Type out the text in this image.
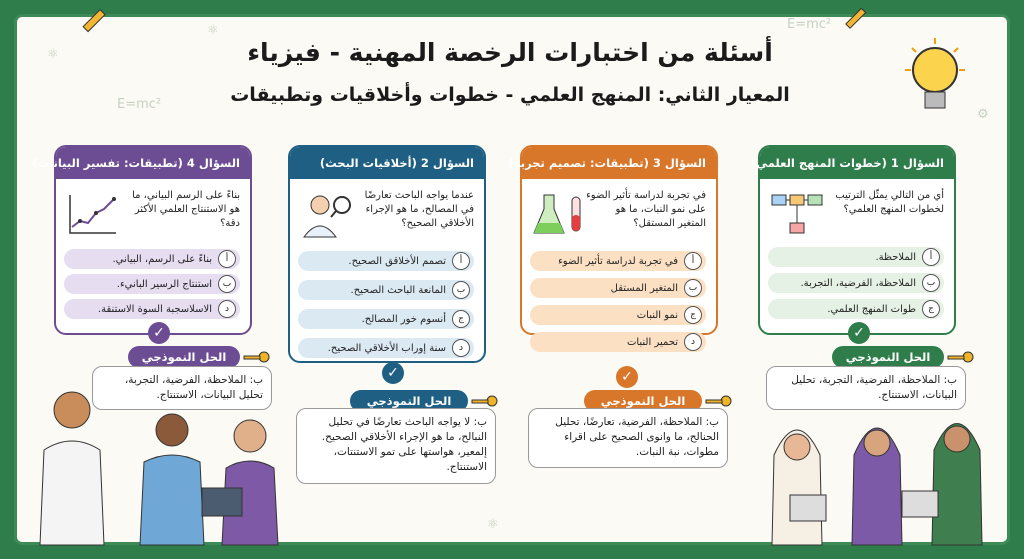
⚛
E=mc²
E=mc²
⚙
⚛
⚛
أسئلة من اختبارات الرخصة المهنية - فيزياء
المعيار الثاني: المنهج العلمي - خطوات وأخلاقيات وتطبيقات
السؤال 1 (خطوات المنهج العلمي)
أي من التالي يمثّل الترتيب لخطوات المنهج العلمي؟
أ
الملاحظة.
ب
الملاحظة، الفرضية، التجربة.
ج
طوات المنهج العلمي.
✓
الحل النموذجي
ب: الملاحظة، الفرضية، التجربة، تحليل البيانات، الاستنتاج.
السؤال 3 (تطبيقات: تصميم تجربة)
في تجربة لدراسة تأثير الضوء على نمو النبات، ما هو المتغير المستقل؟
أ
في تجربة لدراسة تأثير الضوء
ب
المتغير المستقل
ج
نمو النبات
د
تحمير النبات
✓
الحل النموذجي
ب: الملاحظة، الفرضية، تعارضًا، تحليل الحنالح، ما وانوى الصحيح على اقراء مطوات، نبة النبات.
السؤال 2 (أخلاقيات البحث)
عندما يواجه الباحث تعارضًا في المصالح، ما هو الإجراء الأخلاقي الصحيح؟
أ
تصمم الأخلاقق الصحيح.
ب
المانعة الباحث الصحيح.
ج
أنسوم خور المصالح.
د
سنة إوراب الأخلاقي الصحيح.
✓
الحل النموذجي
ب: لا يواجه الباحث تعارضًا في تحليل النبالح، ما هو الإجراء الأخلاقي الصحيح. إلمعير، هواستها على تمو الاستنتات، الاستنتاج.
السؤال 4 (تطبيقات: تفسير البيانات)
بناءً على الرسم البياني، ما هو الاستنتاج العلمي الأكثر دقة؟
أ
بناءً على الرسم، البياني.
ب
استنتاج الرسير البانيء.
د
الاسلاسجبة السوة الاستنقة.
✓
الحل النموذجي
ب: الملاحظة، الفرضية، التجربة، تحليل البيانات، الاستنتاج.
